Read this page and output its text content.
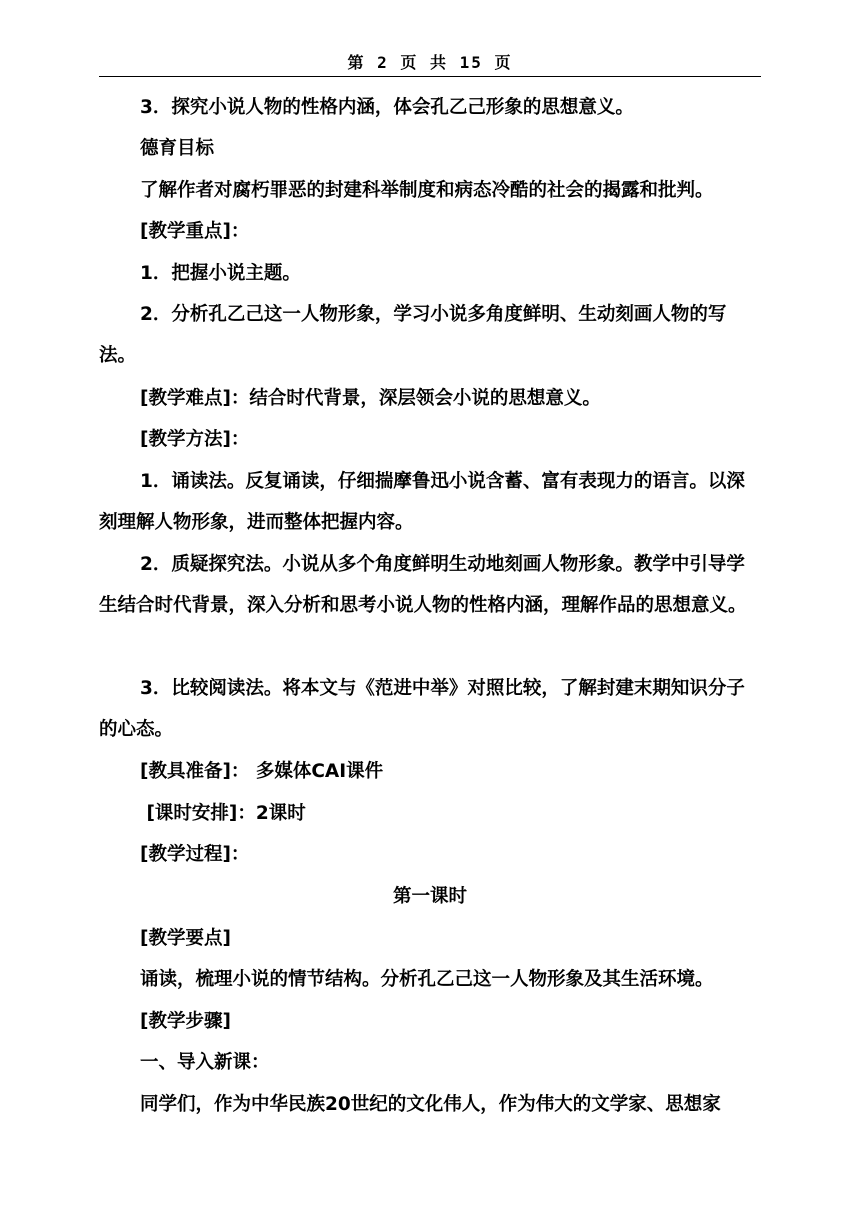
第 2 页 共 15 页
3．探究小说人物的性格内涵，体会孔乙己形象的思想意义。
德育目标
了解作者对腐朽罪恶的封建科举制度和病态冷酷的社会的揭露和批判。
[教学重点]：
1．把握小说主题。
2．分析孔乙己这一人物形象，学习小说多角度鲜明、生动刻画人物的写法。
[教学难点]：结合时代背景，深层领会小说的思想意义。
[教学方法]：
1．诵读法。反复诵读，仔细揣摩鲁迅小说含蓄、富有表现力的语言。以深刻理解人物形象，进而整体把握内容。
2．质疑探究法。小说从多个角度鲜明生动地刻画人物形象。教学中引导学生结合时代背景，深入分析和思考小说人物的性格内涵，理解作品的思想意义。
3．比较阅读法。将本文与《范进中举》对照比较，了解封建末期知识分子的心态。
[教具准备]： 多媒体CAI课件
[课时安排]：2课时
[教学过程]：
第一课时
[教学要点]
诵读，梳理小说的情节结构。分析孔乙己这一人物形象及其生活环境。
[教学步骤]
一、导入新课：
同学们，作为中华民族20世纪的文化伟人，作为伟大的文学家、思想家
